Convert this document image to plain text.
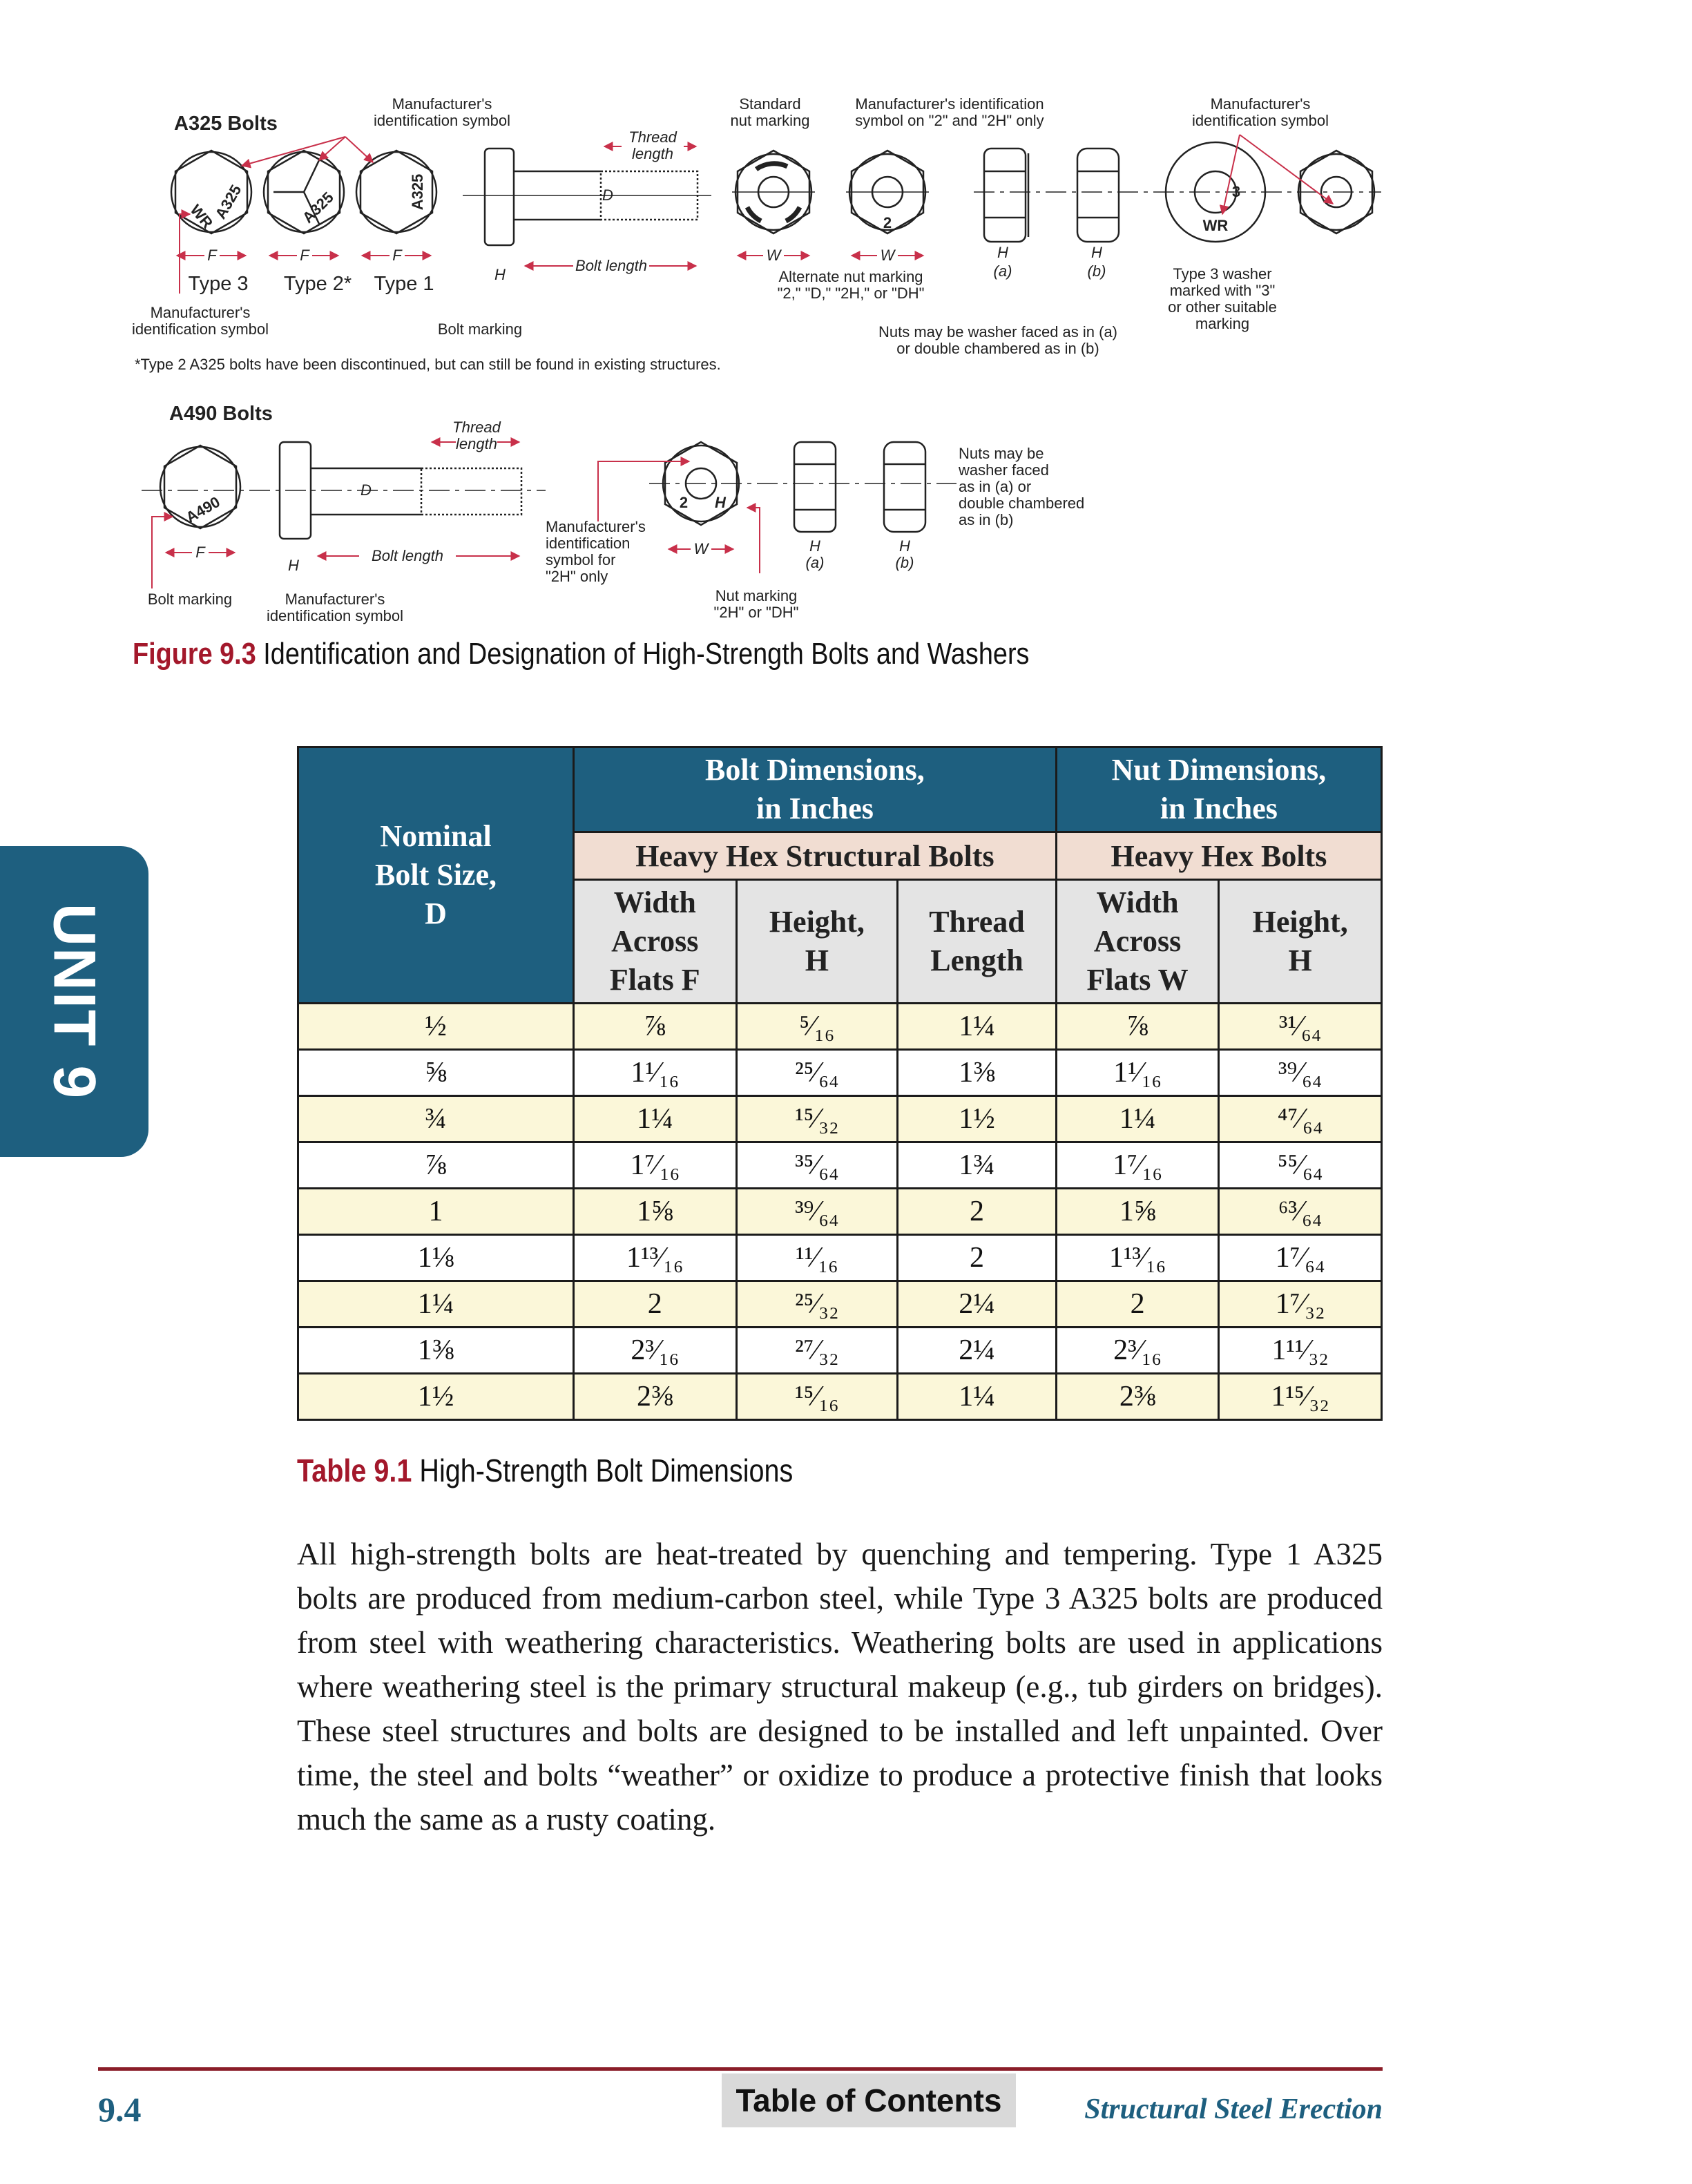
A325 Bolts
Manufacturer's
identification symbol
Thread
length
Standard
nut marking
Manufacturer's identification
symbol on "2" and "2H" only
Manufacturer's
identification symbol
Type 3 Type 2* Type 1
Bolt length
Manufacturer's
identification symbol	Bolt marking
Alternate nut marking
"2," "D," "2H," or "DH"
H	H
(a)	(b)	Type 3 washer
marked with "3"
or other suitable
marking
Nuts may be washer faced as in (a)
or double chambered as in (b)
F	F	F	W	W
D
H
WR
3
2
A325	A325	A325
WR
*Type 2 A325 bolts have been discontinued, but can still be found in existing structures.
A490 Bolts
Thread
length
Bolt length
Bolt marking	Manufacturer's
identification symbol
Nut marking
"2H" or "DH"
H	H
(a)	(b)
F	W
H
D
A490	2 H
Manufacturer's
identification
symbol for
"2H" only
Nuts may be
washer faced
as in (a) or
double chambered
as in (b)
Figure 9.3 Identification and Designation of High-Strength Bolts and Washers
UNIT 9
Nominal
Bolt Size,
D	Bolt Dimensions,
in Inches			Nut Dimensions,
in Inches	
	Heavy Hex Structural Bolts			Heavy Hex Bolts	
	Width
Across
Flats F	Height,
H	Thread
Length	Width
Across
Flats W	Height,
H
½	⅞	⁵⁄₁₆	1¼	⅞	³¹⁄₆₄
⅝	1¹⁄₁₆	²⁵⁄₆₄	1⅜	1¹⁄₁₆	³⁹⁄₆₄
¾	1¼	¹⁵⁄₃₂	1½	1¼	⁴⁷⁄₆₄
⅞	1⁷⁄₁₆	³⁵⁄₆₄	1¾	1⁷⁄₁₆	⁵⁵⁄₆₄
1	1⅝	³⁹⁄₆₄	2	1⅝	⁶³⁄₆₄
1⅛	1¹³⁄₁₆	¹¹⁄₁₆	2	1¹³⁄₁₆	1⁷⁄₆₄
1¼	2	²⁵⁄₃₂	2¼	2	1⁷⁄₃₂
1⅜	2³⁄₁₆	²⁷⁄₃₂	2¼	2³⁄₁₆	1¹¹⁄₃₂
1½	2⅜	¹⁵⁄₁₆	1¼	2⅜	1¹⁵⁄₃₂
Table 9.1 High-Strength Bolt Dimensions
All high-strength bolts are heat-treated by quenching and tempering. Type 1 A325 bolts are produced from medium-carbon steel, while Type 3 A325 bolts are produced from steel with weathering characteristics. Weathering bolts are used in applications where weathering steel is the primary structural makeup (e.g., tub girders on bridges). These steel structures and bolts are designed to be installed and left unpainted. Over time, the steel and bolts “weather” or oxidize to produce a protective finish that looks much the same as a rusty coating.
9.4	Table of Contents	Structural Steel Erection
